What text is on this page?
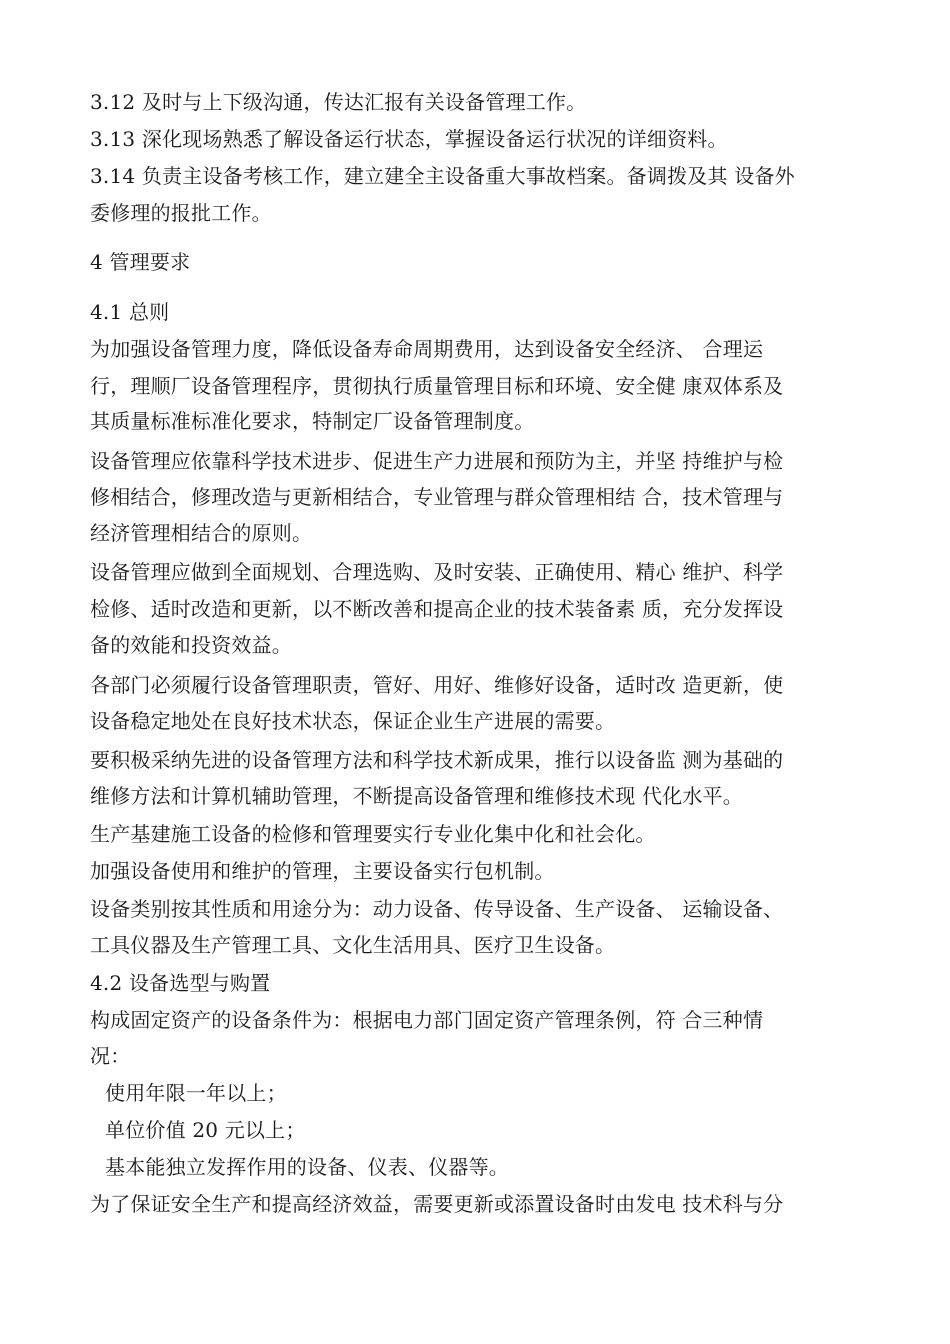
3.12 及时与上下级沟通，传达汇报有关设备管理工作。
3.13 深化现场熟悉了解设备运行状态，掌握设备运行状况的详细资料。
3.14 负责主设备考核工作，建立建全主设备重大事故档案。备调拨及其 设备外
委修理的报批工作。
4 管理要求
4.1 总则
为加强设备管理力度，降低设备寿命周期费用，达到设备安全经济、 合理运
行，理顺厂设备管理程序，贯彻执行质量管理目标和环境、安全健 康双体系及
其质量标准标准化要求，特制定厂设备管理制度。
设备管理应依靠科学技术进步、促进生产力进展和预防为主，并坚 持维护与检
修相结合，修理改造与更新相结合，专业管理与群众管理相结 合，技术管理与
经济管理相结合的原则。
设备管理应做到全面规划、合理选购、及时安装、正确使用、精心 维护、科学
检修、适时改造和更新，以不断改善和提高企业的技术装备素 质，充分发挥设
备的效能和投资效益。
各部门必须履行设备管理职责，管好、用好、维修好设备，适时改 造更新，使
设备稳定地处在良好技术状态，保证企业生产进展的需要。
要积极采纳先进的设备管理方法和科学技术新成果，推行以设备监 测为基础的
维修方法和计算机辅助管理，不断提高设备管理和维修技术现 代化水平。
生产基建施工设备的检修和管理要实行专业化集中化和社会化。
加强设备使用和维护的管理，主要设备实行包机制。
设备类别按其性质和用途分为：动力设备、传导设备、生产设备、 运输设备、
工具仪器及生产管理工具、文化生活用具、医疗卫生设备。
4.2 设备选型与购置
构成固定资产的设备条件为：根据电力部门固定资产管理条例，符 合三种情
况：
使用年限一年以上；
单位价值 20 元以上；
基本能独立发挥作用的设备、仪表、仪器等。
为了保证安全生产和提高经济效益，需要更新或添置设备时由发电 技术科与分
